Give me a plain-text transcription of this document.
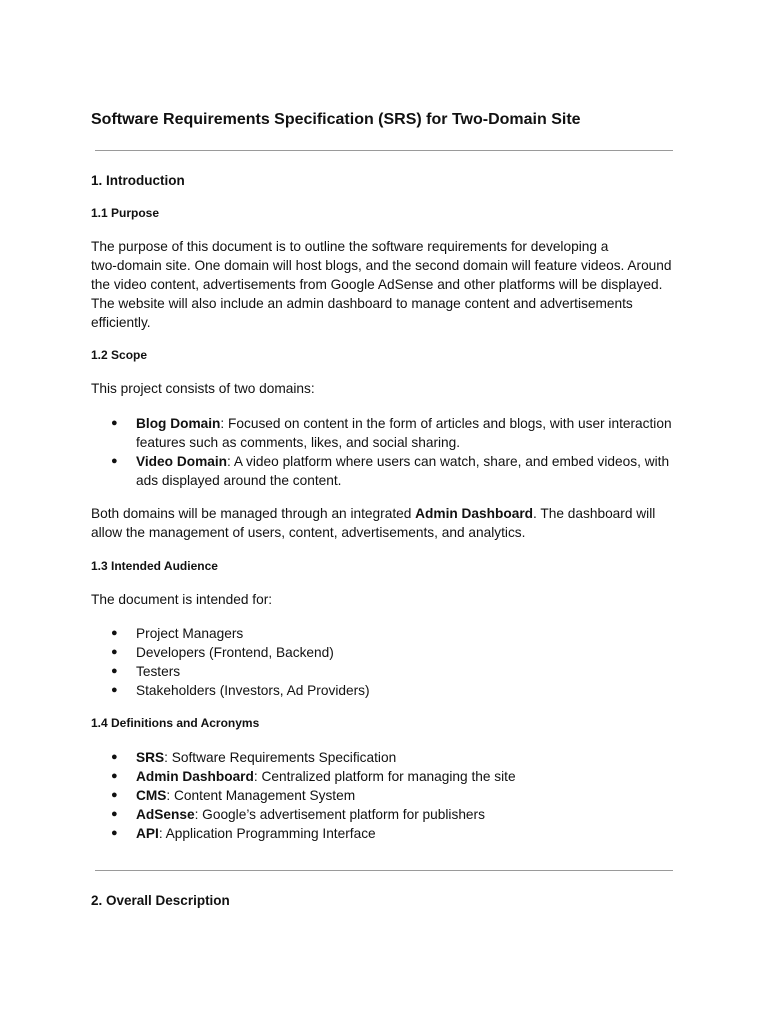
Software Requirements Specification (SRS) for Two-Domain Site
1. Introduction
1.1 Purpose

The purpose of this document is to outline the software requirements for developing a
two-domain site. One domain will host blogs, and the second domain will feature videos. Around
the video content, advertisements from Google AdSense and other platforms will be displayed.
The website will also include an admin dashboard to manage content and advertisements
efficiently.

1.2 Scope

This project consists of two domains:

● Blog Domain: Focused on content in the form of articles and blogs, with user interaction
features such as comments, likes, and social sharing.
● Video Domain: A video platform where users can watch, share, and embed videos, with
ads displayed around the content.

Both domains will be managed through an integrated Admin Dashboard. The dashboard will
allow the management of users, content, advertisements, and analytics.

1.3 Intended Audience

The document is intended for:

● Project Managers
● Developers (Frontend, Backend)
● Testers
● Stakeholders (Investors, Ad Providers)
1.4 Definitions and Acronyms
● SRS: Software Requirements Specification
● Admin Dashboard: Centralized platform for managing the site
● CMS: Content Management System
● AdSense: Google’s advertisement platform for publishers
● API: Application Programming Interface
2. Overall Description
